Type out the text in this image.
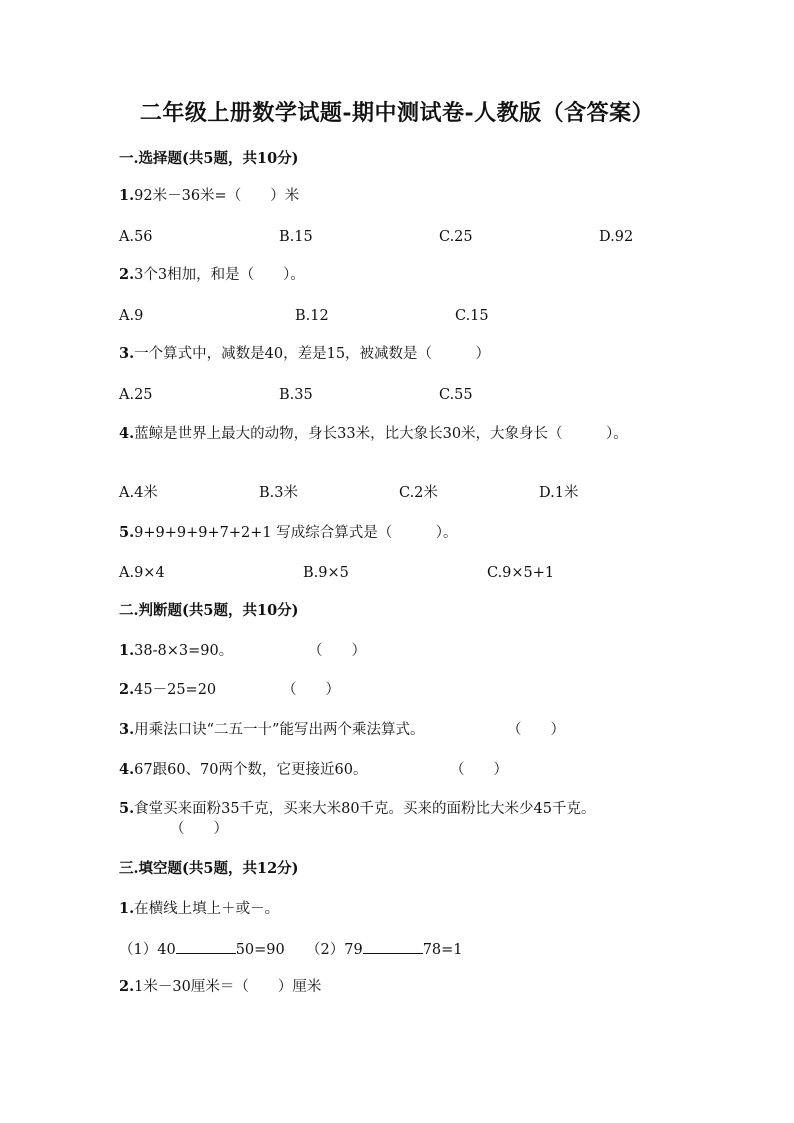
二年级上册数学试题-期中测试卷-人教版（含答案）
一.选择题(共5题，共10分)
1.92米－36米=（　　）米
A.56	B.15	C.25	D.92
2.3个3相加，和是（　　）。
A.9	B.12	C.15
3.一个算式中，减数是40，差是15，被减数是（　　　）
A.25	B.35	C.55
4.蓝鲸是世界上最大的动物，身长33米，比大象长30米，大象身长（　　　）。
A.4米	B.3米	C.2米	D.1米
5.9+9+9+9+7+2+1 写成综合算式是（　　　）。
A.9×4	B.9×5	C.9×5+1
二.判断题(共5题，共10分)
1.38-8×3=90。	（　　）
2.45－25=20	（　　）
3.用乘法口诀“二五一十”能写出两个乘法算式。	（　　）
4.67跟60、70两个数，它更接近60。	（　　）
5.食堂买来面粉35千克，买来大米80千克。买来的面粉比大米少45千克。
（　　）
三.填空题(共5题，共12分)
1.在横线上填上＋或－。
（1）40	50=90 （2）79	78=1
2.1米－30厘米＝（　　）厘米
